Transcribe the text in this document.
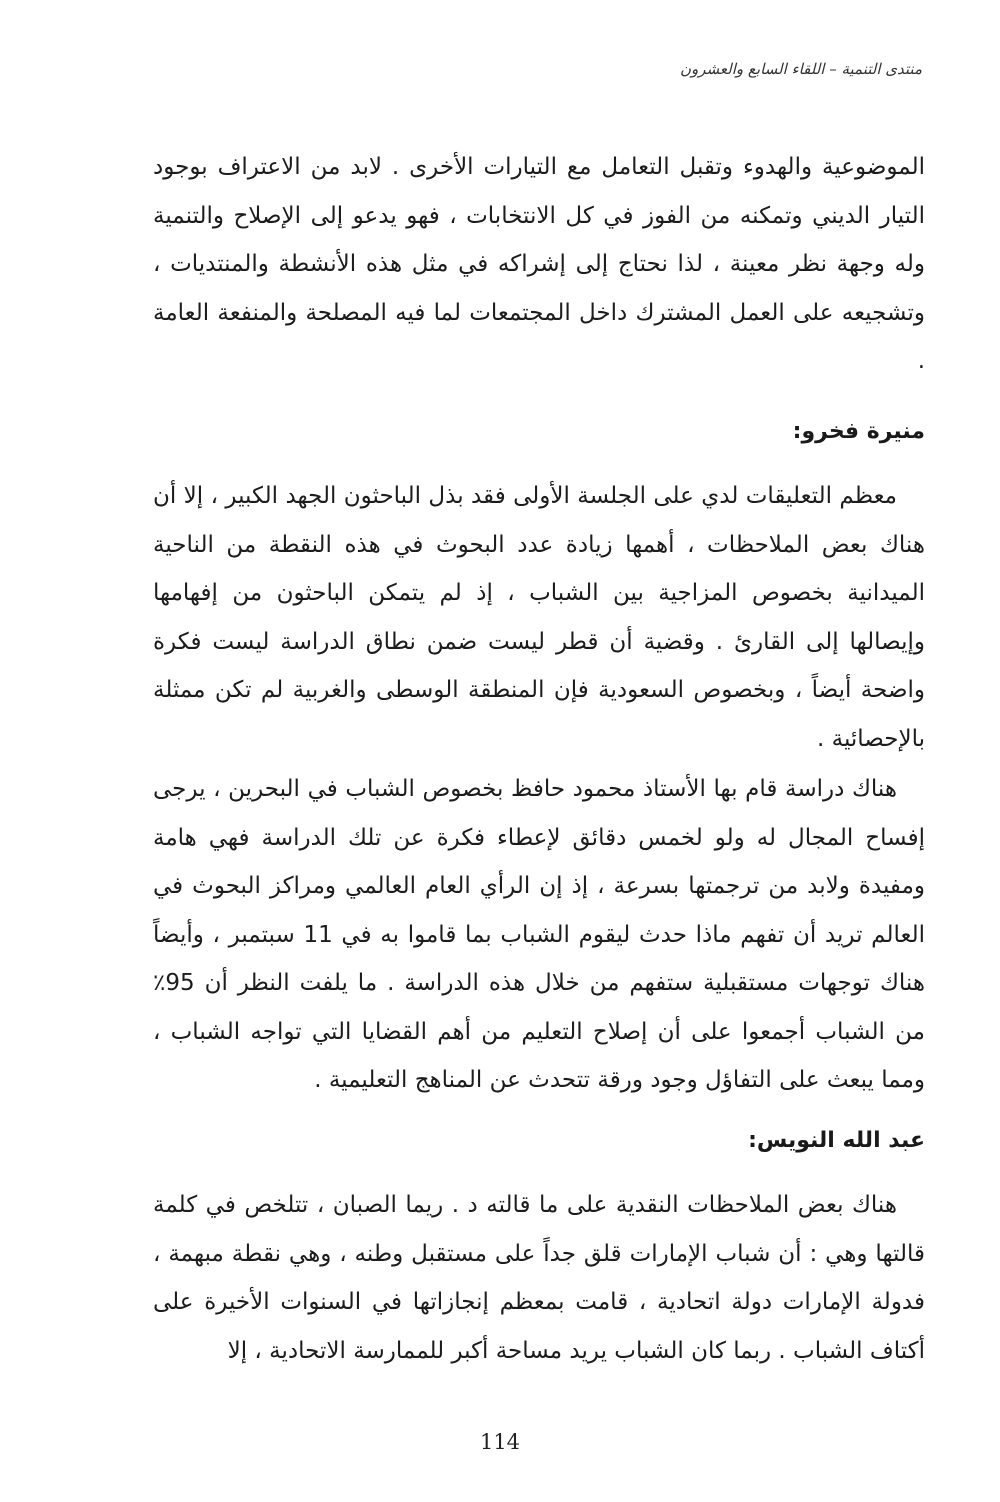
منتدى التنمية – اللقاء السابع والعشرون

الموضوعية والهدوء وتقبل التعامل مع التيارات الأخرى . لابد من الاعتراف بوجود التيار الديني وتمكنه من الفوز في كل الانتخابات ، فهو يدعو إلى الإصلاح والتنمية وله وجهة نظر معينة ، لذا نحتاج إلى إشراكه في مثل هذه الأنشطة والمنتديات ، وتشجيعه على العمل المشترك داخل المجتمعات لما فيه المصلحة والمنفعة العامة .

منيرة فخرو:

معظم التعليقات لدي على الجلسة الأولى فقد بذل الباحثون الجهد الكبير ، إلا أن هناك بعض الملاحظات ، أهمها زيادة عدد البحوث في هذه النقطة من الناحية الميدانية بخصوص المزاجية بين الشباب ، إذ لم يتمكن الباحثون من إفهامها وإيصالها إلى القارئ . وقضية أن قطر ليست ضمن نطاق الدراسة ليست فكرة واضحة أيضاً ، وبخصوص السعودية فإن المنطقة الوسطى والغربية لم تكن ممثلة بالإحصائية .

هناك دراسة قام بها الأستاذ محمود حافظ بخصوص الشباب في البحرين ، يرجى إفساح المجال له ولو لخمس دقائق لإعطاء فكرة عن تلك الدراسة فهي هامة ومفيدة ولابد من ترجمتها بسرعة ، إذ إن الرأي العام العالمي ومراكز البحوث في العالم تريد أن تفهم ماذا حدث ليقوم الشباب بما قاموا به في 11 سبتمبر ، وأيضاً هناك توجهات مستقبلية ستفهم من خلال هذه الدراسة . ما يلفت النظر أن 95٪ من الشباب أجمعوا على أن إصلاح التعليم من أهم القضايا التي تواجه الشباب ، ومما يبعث على التفاؤل وجود ورقة تتحدث عن المناهج التعليمية .

عبد الله النويس:

هناك بعض الملاحظات النقدية على ما قالته د . ريما الصبان ، تتلخص في كلمة قالتها وهي : أن شباب الإمارات قلق جداً على مستقبل وطنه ، وهي نقطة مبهمة ، فدولة الإمارات دولة اتحادية ، قامت بمعظم إنجازاتها في السنوات الأخيرة على أكتاف الشباب . ربما كان الشباب يريد مساحة أكبر للممارسة الاتحادية ، إلا

114
